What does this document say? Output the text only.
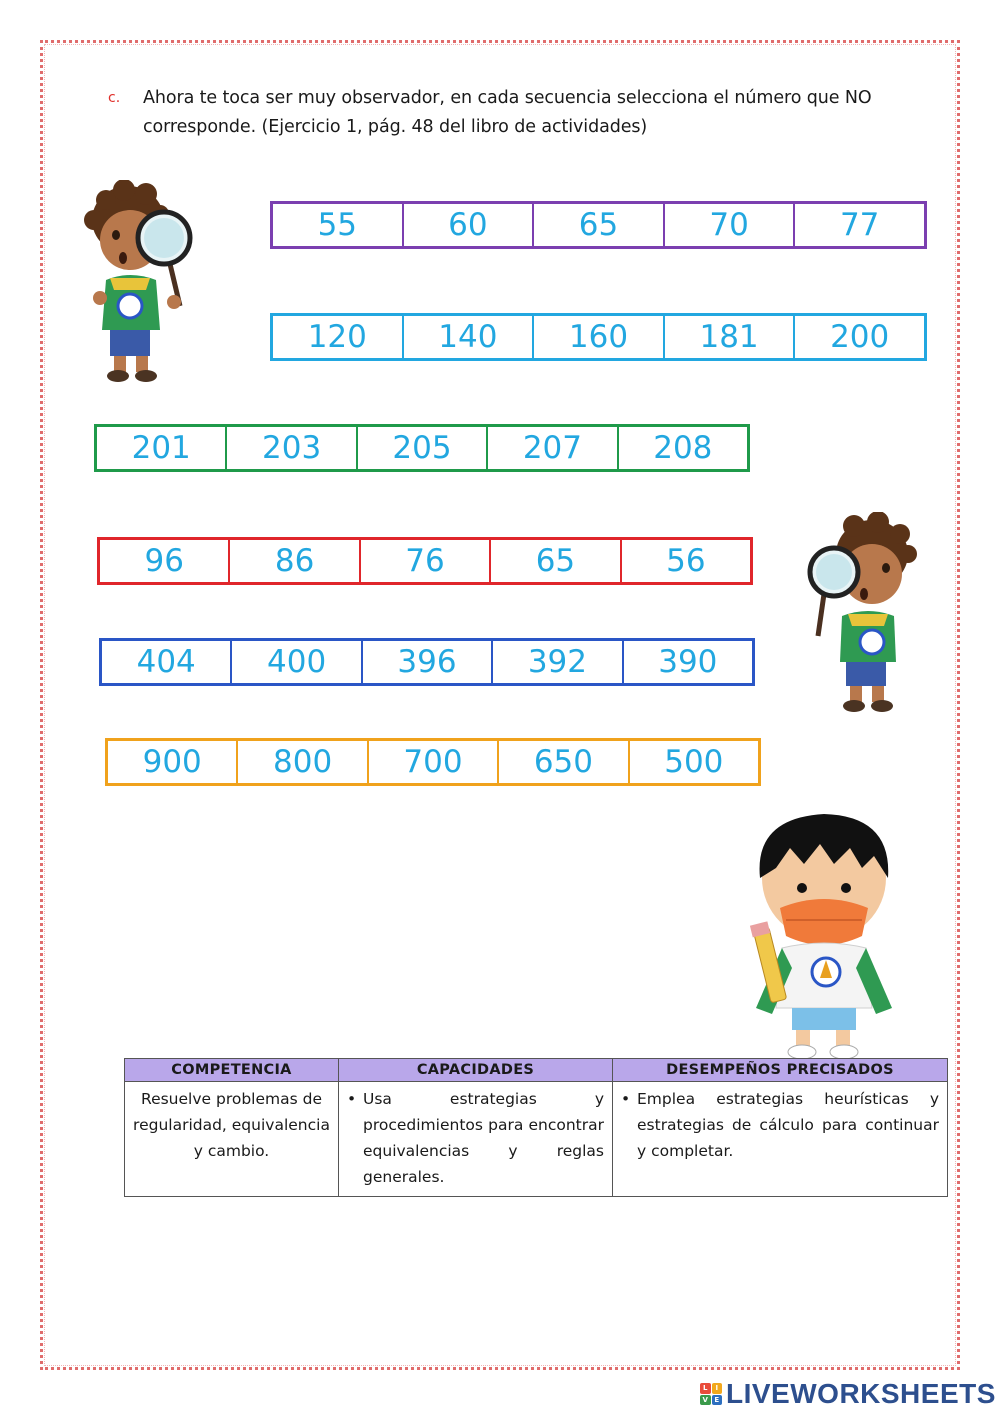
c. Ahora te toca ser muy observador, en cada secuencia selecciona el número que NO corresponde. (Ejercicio 1, pág. 48 del libro de actividades)
55	60	65	70	77
120	140	160	181	200
201	203	205	207	208
96	86	76	65	56
404	400	396	392	390
900	800	700	650	500
COMPETENCIA	CAPACIDADES	DESEMPEÑOS PRECISADOS
Resuelve problemas de regularidad, equivalencia y cambio.	• Usa estrategias y procedimientos para encontrar equivalencias y reglas generales.	• Emplea estrategias heurísticas y estrategias de cálculo para continuar y completar.
L	I
V E LIVEWORKSHEETS
